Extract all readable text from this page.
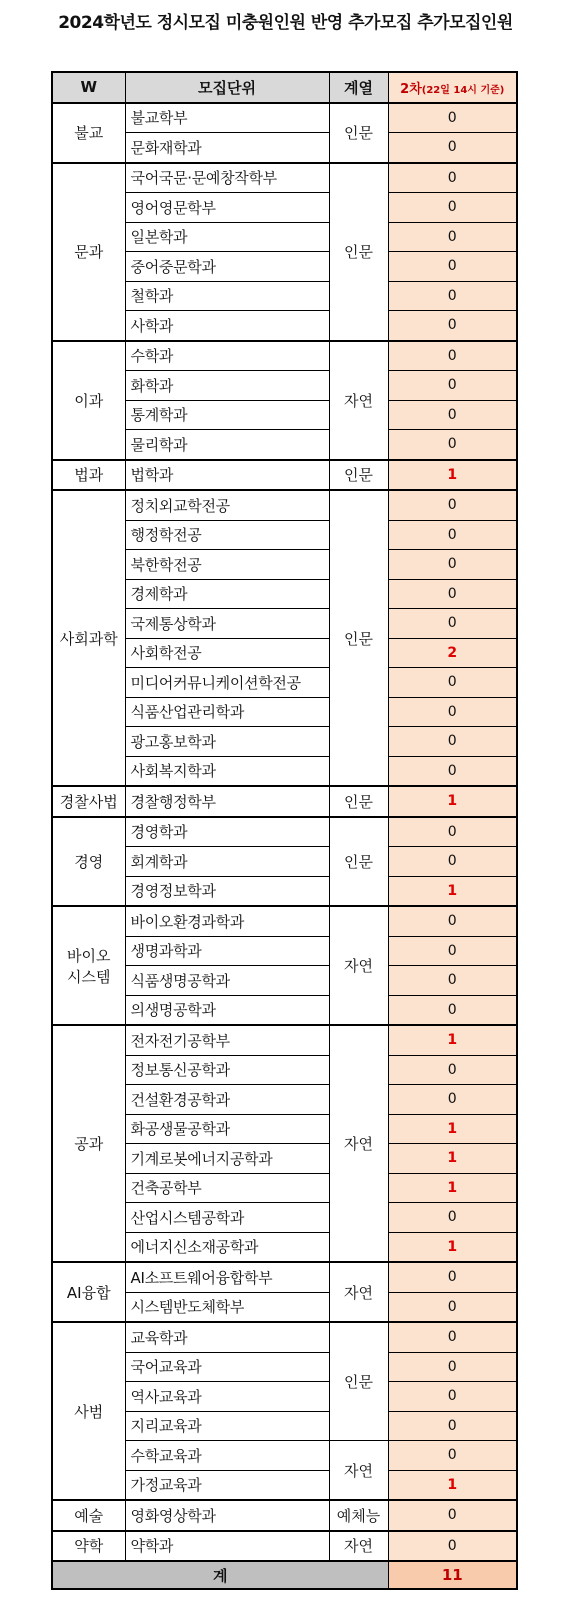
2024학년도 정시모집 미충원인원 반영 추가모집 추가모집인원
W	모집단위	계열	2차(22일 14시 기준)
불교	불교학부	인문	0
	문화재학과		0
문과	국어국문·문예창작학부	인문	0
	영어영문학부		0
	일본학과		0
	중어중문학과		0
	철학과		0
	사학과		0
이과	수학과	자연	0
	화학과		0
	통계학과		0
	물리학과		0
법과	법학과	인문	1
사회과학	정치외교학전공	인문	0
	행정학전공		0
	북한학전공		0
	경제학과		0
	국제통상학과		0
	사회학전공		2
	미디어커뮤니케이션학전공		0
	식품산업관리학과		0
	광고홍보학과		0
	사회복지학과		0
경찰사법	경찰행정학부	인문	1
경영	경영학과	인문	0
	회계학과		0
	경영정보학과		1
바이오
시스템	바이오환경과학과	자연	0
	생명과학과		0
	식품생명공학과		0
	의생명공학과		0
공과	전자전기공학부	자연	1
	정보통신공학과		0
	건설환경공학과		0
	화공생물공학과		1
	기계로봇에너지공학과		1
	건축공학부		1
	산업시스템공학과		0
	에너지신소재공학과		1
AI융합	AI소프트웨어융합학부	자연	0
	시스템반도체학부		0
사범	교육학과	인문	0
	국어교육과		0
	역사교육과		0
	지리교육과		0
	수학교육과	자연	0
	가정교육과		1
예술	영화영상학과	예체능	0
약학	약학과	자연	0
계			11
